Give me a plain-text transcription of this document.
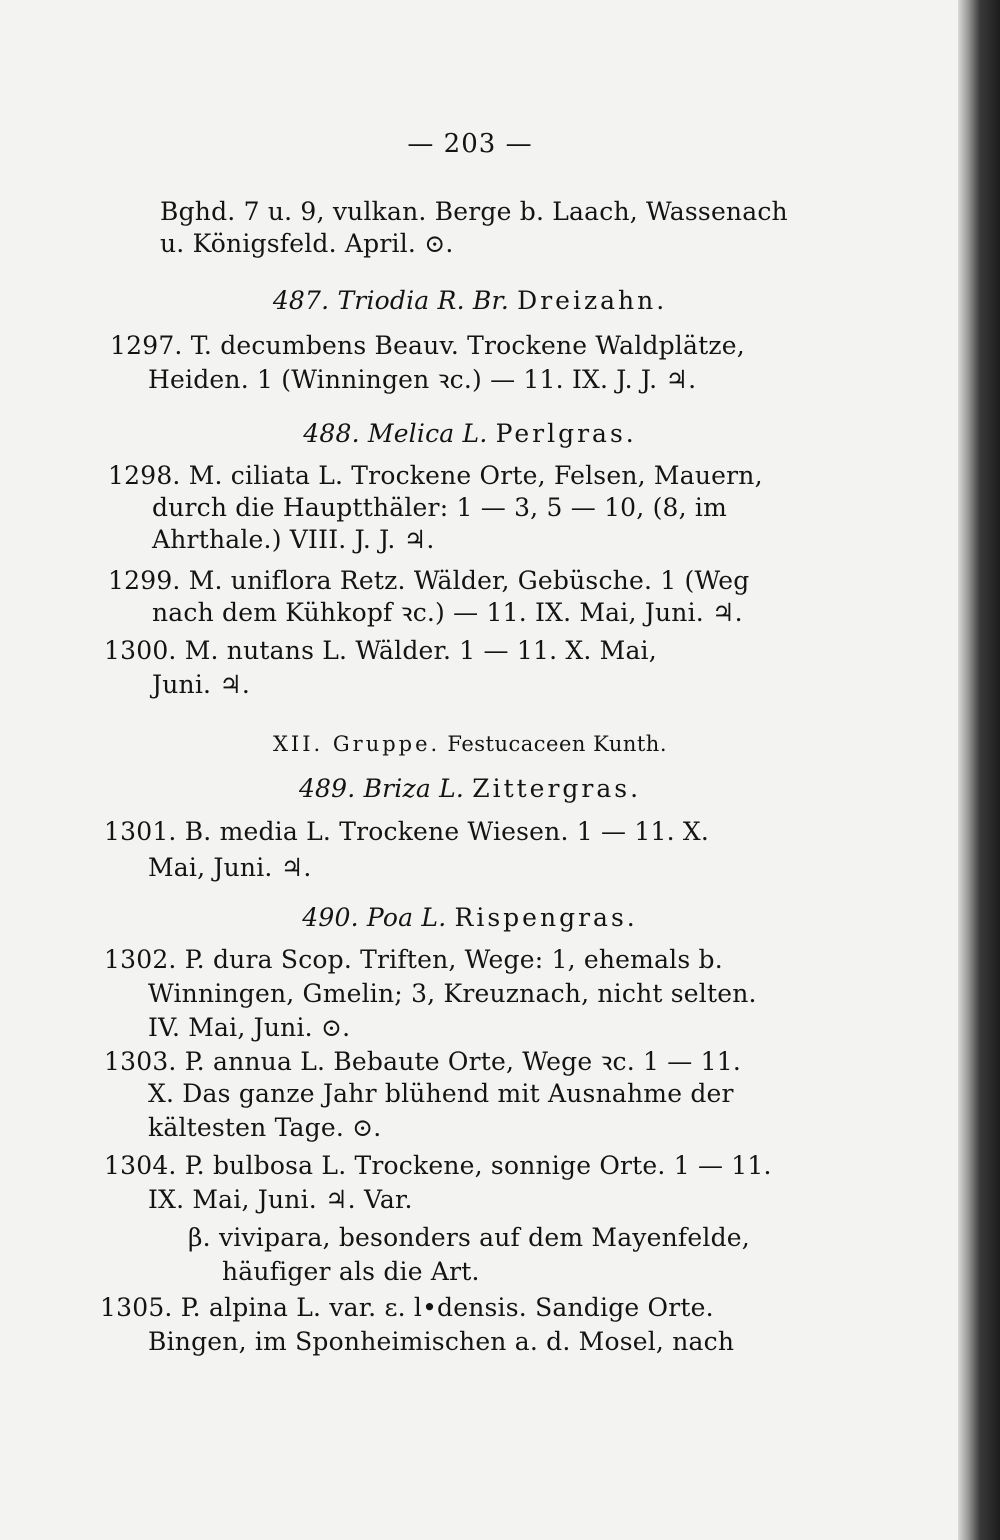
— 203 —
Bghd. 7 u. 9, vulkan. Berge b. Laach, Wassenach
u. Königsfeld. April. ⊙.
487. Triodia R. Br. Dreizahn.
1297. T. decumbens Beauv. Trockene Waldplätze,
Heiden. 1 (Winningen ꝛc.) — 11. IX. J. J. ♃.
488. Melica L. Perlgras.
1298. M. ciliata L. Trockene Orte, Felsen, Mauern,
durch die Hauptthäler: 1 — 3, 5 — 10, (8, im
Ahrthale.) VIII. J. J. ♃.
1299. M. uniflora Retz. Wälder, Gebüsche. 1 (Weg
nach dem Kühkopf ꝛc.) — 11. IX. Mai, Juni. ♃.
1300. M. nutans L. Wälder. 1 — 11. X. Mai,
Juni. ♃.
XII. Gruppe. Festucaceen Kunth.
489. Briza L. Zittergras.
1301. B. media L. Trockene Wiesen. 1 — 11. X.
Mai, Juni. ♃.
490. Poa L. Rispengras.
1302. P. dura Scop. Triften, Wege: 1, ehemals b.
Winningen, Gmelin; 3, Kreuznach, nicht selten.
IV. Mai, Juni. ⊙.
1303. P. annua L. Bebaute Orte, Wege ꝛc. 1 — 11.
X. Das ganze Jahr blühend mit Ausnahme der
kältesten Tage. ⊙.
1304. P. bulbosa L. Trockene, sonnige Orte. 1 — 11.
IX. Mai, Juni. ♃. Var.
β. vivipara, besonders auf dem Mayenfelde,
häufiger als die Art.
1305. P. alpina L. var. ε. l•densis. Sandige Orte.
Bingen, im Sponheimischen a. d. Mosel, nach
